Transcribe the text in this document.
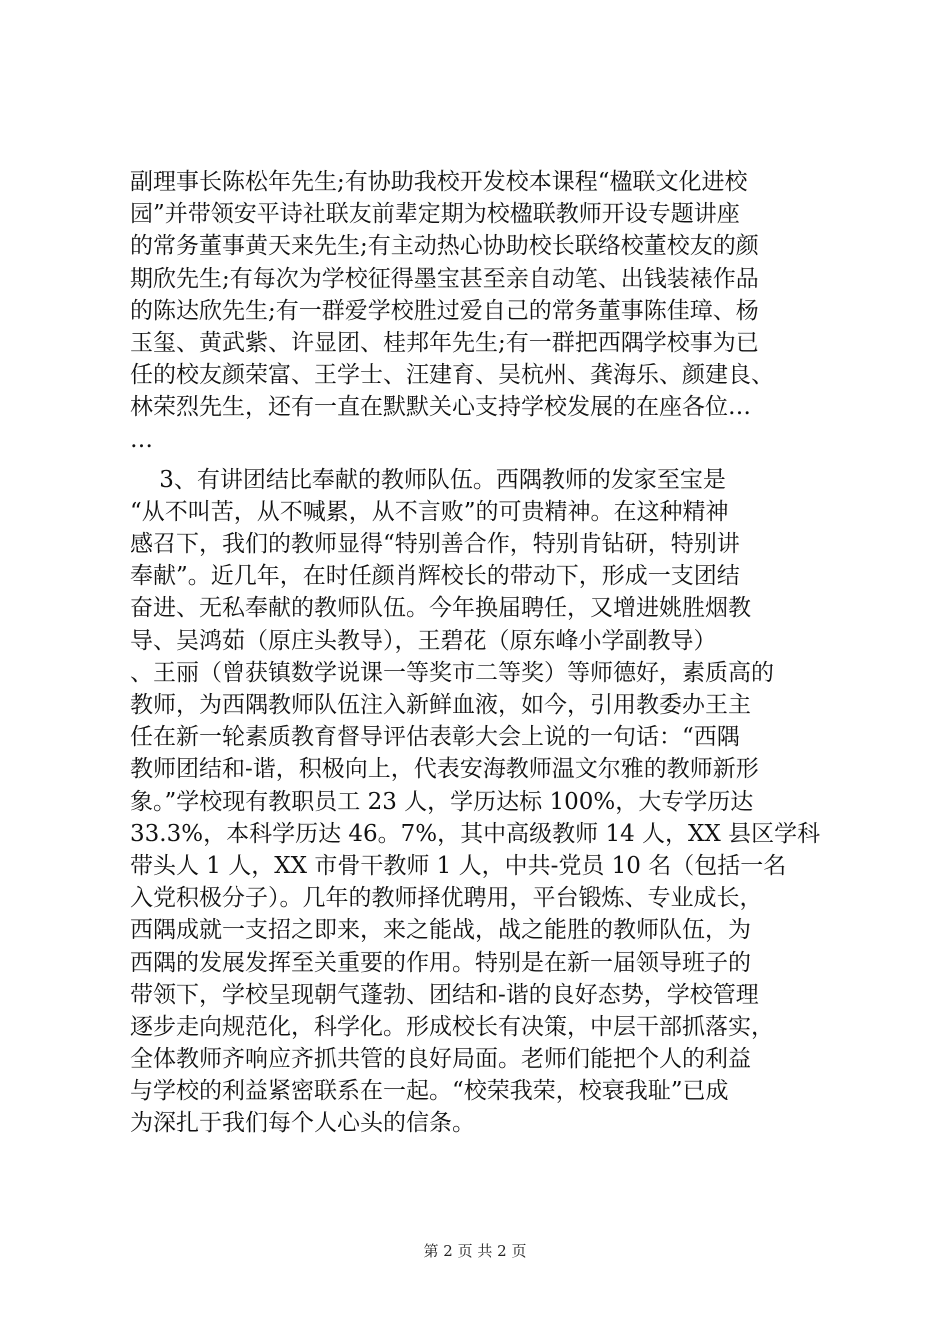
副理事长陈松年先生;有协助我校开发校本课程“楹联文化进校
园”并带领安平诗社联友前辈定期为校楹联教师开设专题讲座
的常务董事黄天来先生;有主动热心协助校长联络校董校友的颜
期欣先生;有每次为学校征得墨宝甚至亲自动笔、出钱装裱作品
的陈达欣先生;有一群爱学校胜过爱自己的常务董事陈佳璋、杨
玉玺、黄武紫、许显团、桂邦年先生;有一群把西隅学校事为已
任的校友颜荣富、王学士、汪建育、吴杭州、龚海乐、颜建良、
林荣烈先生，还有一直在默默关心支持学校发展的在座各位…
…
3、有讲团结比奉献的教师队伍。西隅教师的发家至宝是
“从不叫苦，从不喊累，从不言败”的可贵精神。在这种精神
感召下，我们的教师显得“特别善合作，特别肯钻研，特别讲
奉献”。近几年，在时任颜肖辉校长的带动下，形成一支团结
奋进、无私奉献的教师队伍。今年换届聘任，又增进姚胜烟教
导、吴鸿茹（原庄头教导），王碧花（原东峰小学副教导）
、王丽（曾获镇数学说课一等奖市二等奖）等师德好，素质高的
教师，为西隅教师队伍注入新鲜血液，如今，引用教委办王主
任在新一轮素质教育督导评估表彰大会上说的一句话：“西隅
教师团结和-谐，积极向上，代表安海教师温文尔雅的教师新形
象。”学校现有教职员工 23 人，学历达标 100%，大专学历达
33.3%，本科学历达 46。7%，其中高级教师 14 人，XX 县区学科
带头人 1 人，XX 市骨干教师 1 人，中共-党员 10 名（包括一名
入党积极分子）。几年的教师择优聘用，平台锻炼、专业成长，
西隅成就一支招之即来，来之能战，战之能胜的教师队伍，为
西隅的发展发挥至关重要的作用。特别是在新一届领导班子的
带领下，学校呈现朝气蓬勃、团结和-谐的良好态势，学校管理
逐步走向规范化，科学化。形成校长有决策，中层干部抓落实，
全体教师齐响应齐抓共管的良好局面。老师们能把个人的利益
与学校的利益紧密联系在一起。“校荣我荣，校衰我耻”已成
为深扎于我们每个人心头的信条。
第 2 页 共 2 页
